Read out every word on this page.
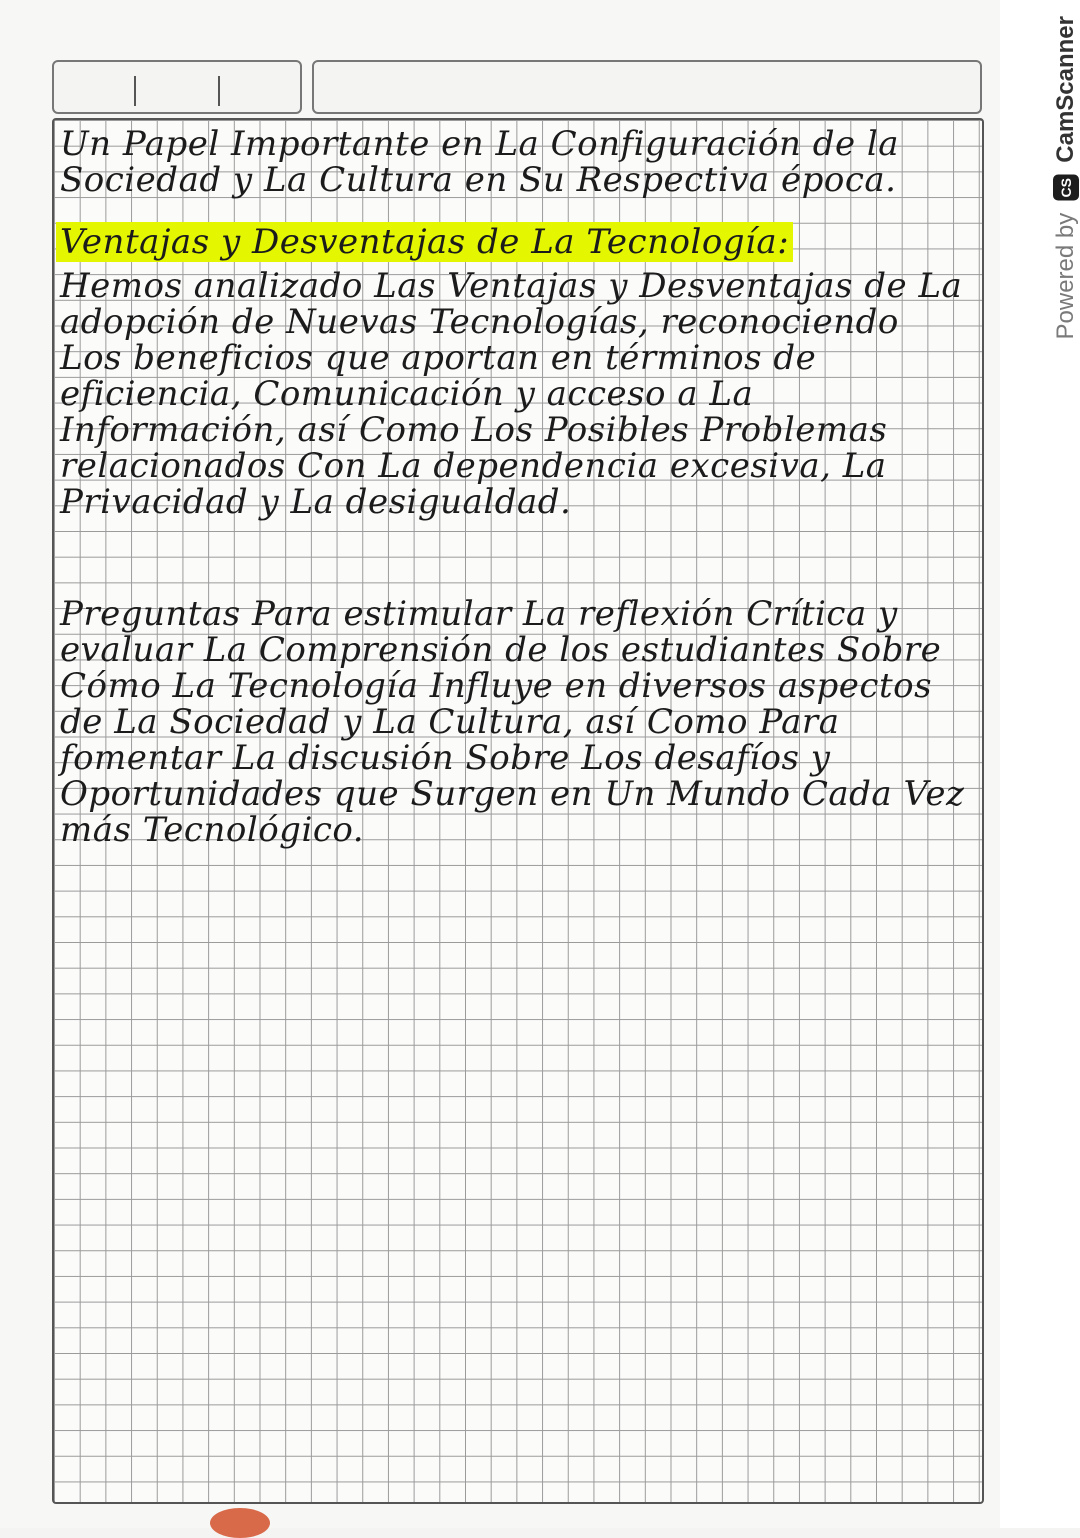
Un Papel Importante en La Configuración de la Sociedad y La Cultura en Su Respectiva época.
Ventajas y Desventajas de La Tecnología:
Hemos analizado Las Ventajas y Desventajas de La adopción de Nuevas Tecnologías, reconociendo Los beneficios que aportan en términos de eficiencia, Comunicación y acceso a La Información, así Como Los Posibles Problemas relacionados Con La dependencia excesiva, La Privacidad y La desigualdad.
Preguntas Para estimular La reflexión Crítica y evaluar La Comprensión de los estudiantes Sobre Cómo La Tecnología Influye en diversos aspectos de La Sociedad y La Cultura, así Como Para fomentar La discusión Sobre Los desafíos y Oportunidades que Surgen en Un Mundo Cada Vez más Tecnológico.
Powered by
CS
CamScanner
